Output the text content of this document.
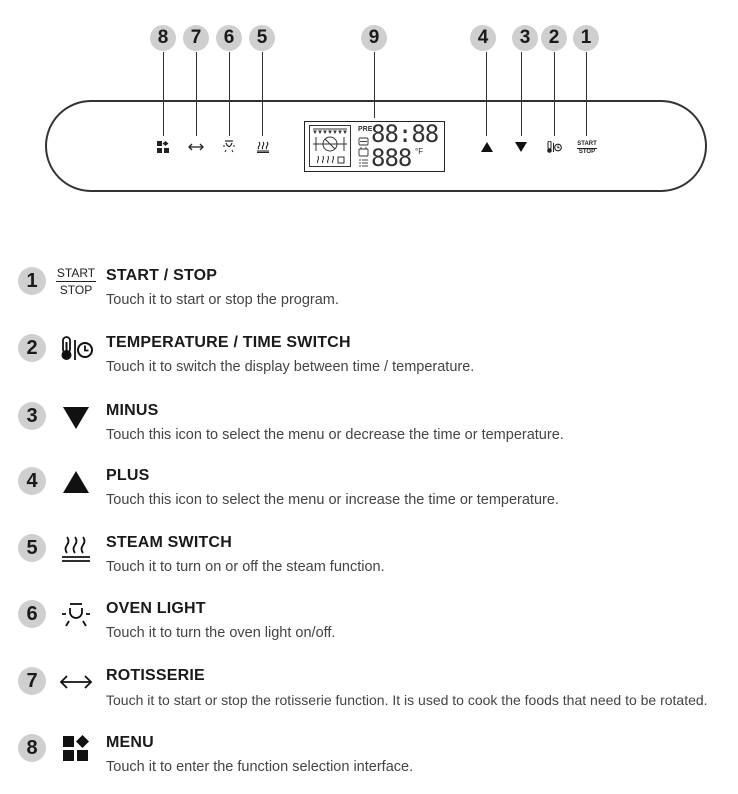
8	7	6	5	9	4	3 2	1
START
STOP
PRE
88:88
888 °F
1	START
STOP
START / STOP
Touch it to start or stop the program.
2	TEMPERATURE / TIME SWITCH
Touch it to switch the display between time / temperature.
3	MINUS
Touch this icon to select the menu or decrease the time or temperature.
4	PLUS
Touch this icon to select the menu or increase the time or temperature.
5	STEAM SWITCH
Touch it to turn on or off the steam function.
6	OVEN LIGHT
Touch it to turn the oven light on/off.
7	ROTISSERIE
Touch it to start or stop the rotisserie function. It is used to cook the foods that need to be rotated.
8	MENU
Touch it to enter the function selection interface.
